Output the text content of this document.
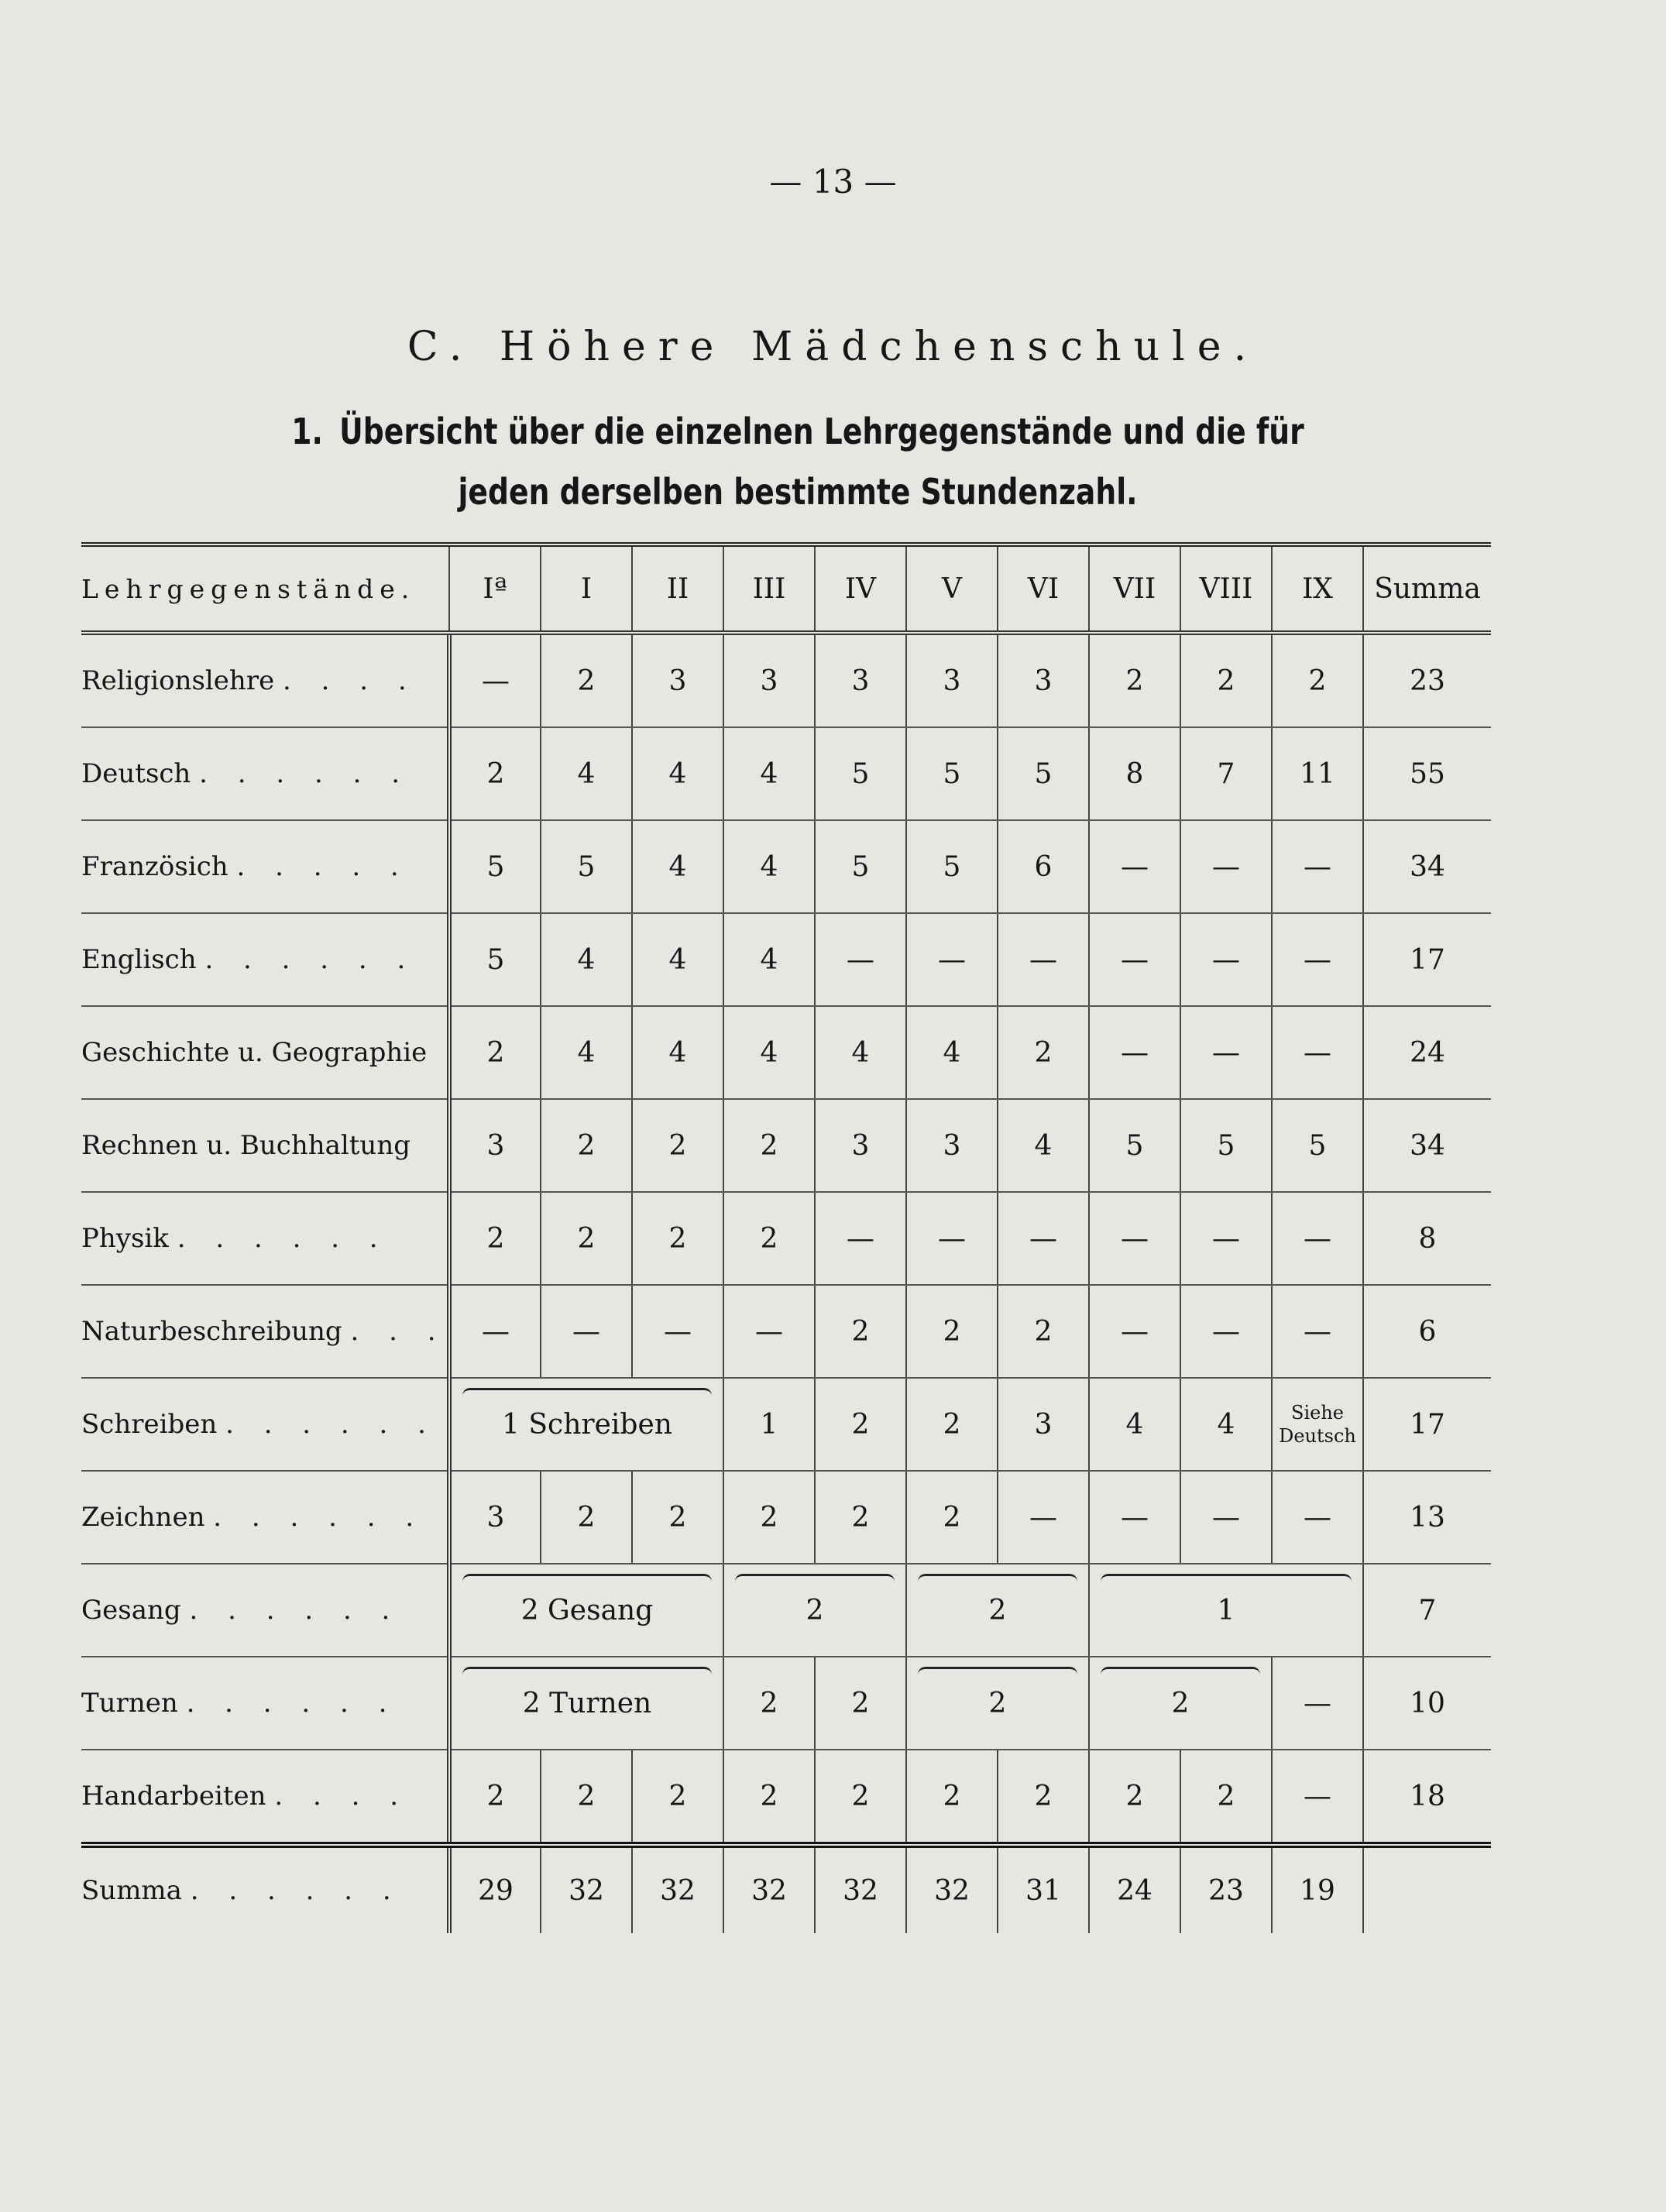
— 13 —
C. Höhere Mädchenschule.
1. Übersicht über die einzelnen Lehrgegenstände und die für jeden derselben bestimmte Stundenzahl.
Lehrgegenstände.	Iª	I	II	III	IV	V	VI	VII	VIII	IX	Summa
Religionslehre . . . .	—	2	3	3	3	3	3	2	2	2	23
Deutsch . . . . . .	2	4	4	4	5	5	5	8	7	11	55
Französich . . . . .	5	5	4	4	5	5	6	—	—	—	34
Englisch . . . . . .	5	4	4	4	—	—	—	—	—	—	17
Geschichte u. Geographie	2	4	4	4	4	4	2	—	—	—	24
Rechnen u. Buchhaltung	3	2	2	2	3	3	4	5	5	5	34
Physik . . . . . .	2	2	2	2	—	—	—	—	—	—	8
Naturbeschreibung . . .	—	—	—	—	2	2	2	—	—	—	6
Schreiben . . . . . .	1 Schreiben			1	2	2	3	4	4	Siehe Deutsch	17
Zeichnen . . . . . .	3	2	2	2	2	2	—	—	—	—	13
Gesang . . . . . .	2 Gesang			2		2		1			7
Turnen . . . . . .	2 Turnen			2	2	2		2		—	10
Handarbeiten . . . .	2	2	2	2	2	2	2	2	2	—	18
Summa . . . . . .	29	32	32	32	32	32	31	24	23	19	
